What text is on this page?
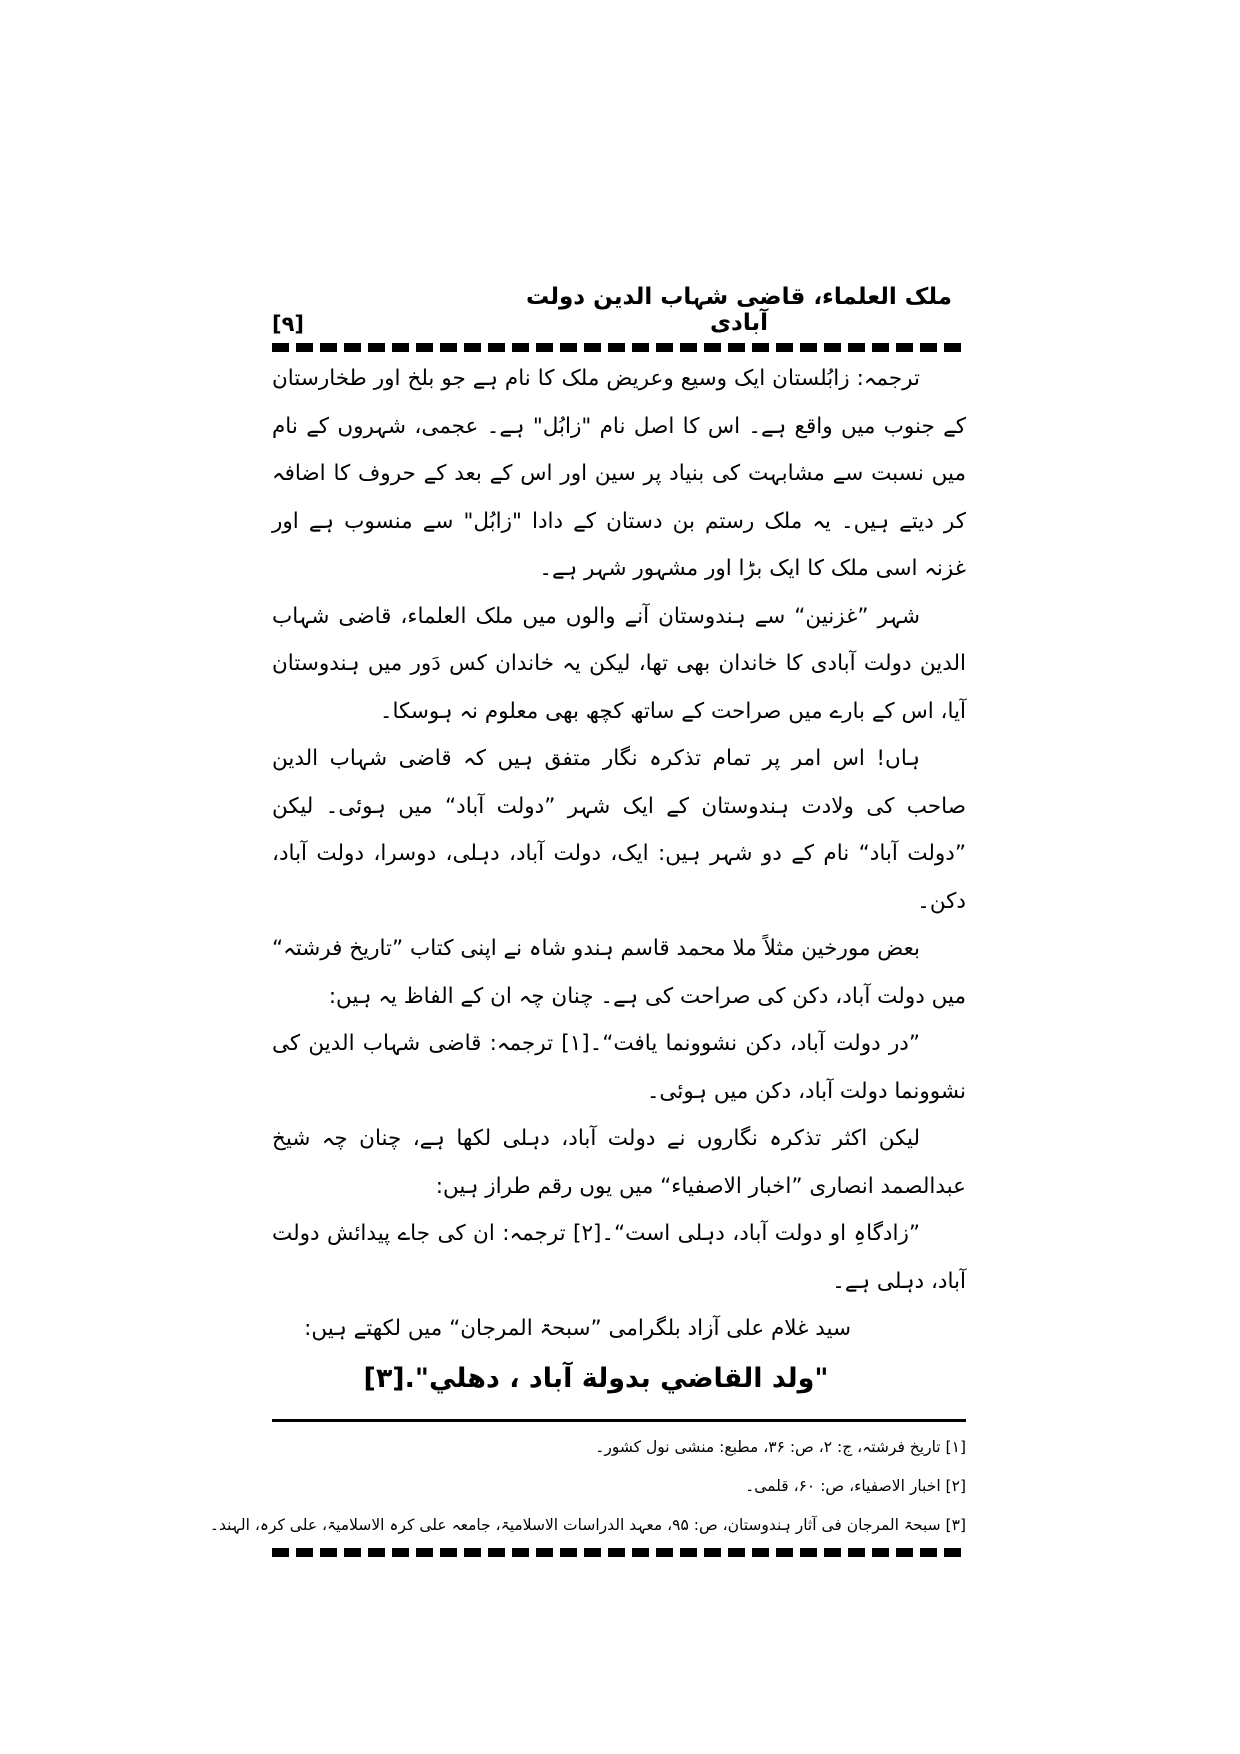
[۹]
ملک العلماء، قاضی شہاب الدین دولت آبادی

ترجمہ: زابُلستان ایک وسیع وعریض ملک کا نام ہے جو بلخ اور طخارستان کے جنوب میں واقع ہے۔ اس کا اصل نام "زابُل" ہے۔ عجمی، شہروں کے نام میں نسبت سے مشابہت کی بنیاد پر سین اور اس کے بعد کے حروف کا اضافہ کر دیتے ہیں۔ یہ ملک رستم بن دستان کے دادا "زابُل" سے منسوب ہے اور غزنہ اسی ملک کا ایک بڑا اور مشہور شہر ہے۔

شہر ”غزنین“ سے ہندوستان آنے والوں میں ملک العلماء، قاضی شہاب الدین دولت آبادی کا خاندان بھی تھا، لیکن یہ خاندان کس دَور میں ہندوستان آیا، اس کے بارے میں صراحت کے ساتھ کچھ بھی معلوم نہ ہوسکا۔

ہاں! اس امر پر تمام تذکرہ نگار متفق ہیں کہ قاضی شہاب الدین صاحب کی ولادت ہندوستان کے ایک شہر ”دولت آباد“ میں ہوئی۔ لیکن ”دولت آباد“ نام کے دو شہر ہیں: ایک، دولت آباد، دہلی، دوسرا، دولت آباد، دکن۔

بعض مورخین مثلاً ملا محمد قاسم ہندو شاہ نے اپنی کتاب ”تاریخ فرشتہ“ میں دولت آباد، دکن کی صراحت کی ہے۔ چنان چہ ان کے الفاظ یہ ہیں:

”در دولت آباد، دکن نشوونما یافت“۔[۱] ترجمہ: قاضی شہاب الدین کی نشوونما دولت آباد، دکن میں ہوئی۔

لیکن اکثر تذکرہ نگاروں نے دولت آباد، دہلی لکھا ہے، چنان چہ شیخ عبدالصمد انصاری ”اخبار الاصفیاء“ میں یوں رقم طراز ہیں:

”زادگاہِ او دولت آباد، دہلی است“۔[۲] ترجمہ: ان کی جاے پیدائش دولت آباد، دہلی ہے۔

سید غلام علی آزاد بلگرامی ”سبحۃ المرجان“ میں لکھتے ہیں:

"ولد القاضي بدولة آباد ، دهلي".[۳]

[۱] تاریخ فرشتہ، ج: ۲، ص: ۳۶، مطبع: منشی نول کشور۔
[۲] اخبار الاصفیاء، ص: ۶۰، قلمی۔
[۳] سبحۃ المرجان فی آثار ہندوستان، ص: ۹۵، معہد الدراسات الاسلامیۃ، جامعہ علی کرہ الاسلامیۃ، علی کرہ، الہند۔
